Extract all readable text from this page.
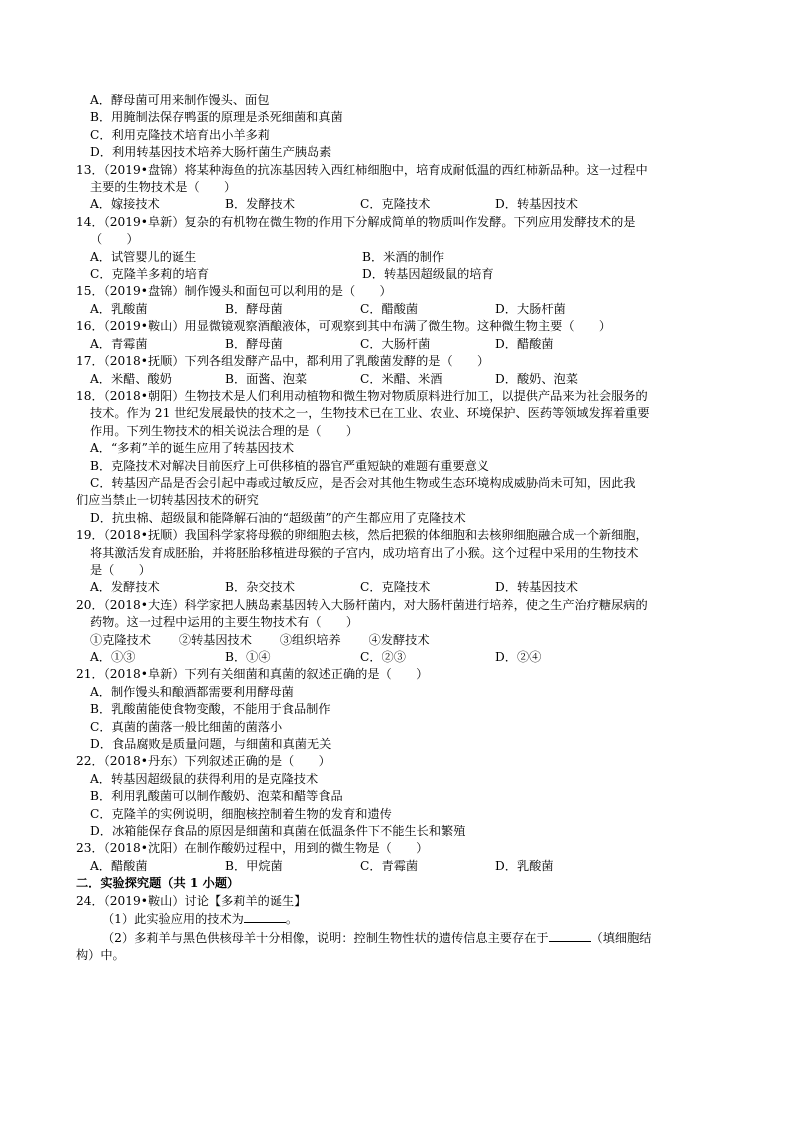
A．酵母菌可用来制作馒头、面包
B．用腌制法保存鸭蛋的原理是杀死细菌和真菌
C．利用克隆技术培育出小羊多莉
D．利用转基因技术培养大肠杆菌生产胰岛素
13．（2019•盘锦）将某种海鱼的抗冻基因转入西红柿细胞中，培育成耐低温的西红柿新品种。这一过程中
主要的生物技术是（　　）
A．嫁接技术	B．发酵技术	C．克隆技术	D．转基因技术
14．（2019•阜新）复杂的有机物在微生物的作用下分解成简单的物质叫作发酵。下列应用发酵技术的是
（　　）
A．试管婴儿的诞生	B．米酒的制作
C．克隆羊多莉的培育	D．转基因超级鼠的培育
15．（2019•盘锦）制作馒头和面包可以利用的是（　　）
A．乳酸菌	B．酵母菌	C．醋酸菌	D．大肠杆菌
16．（2019•鞍山）用显微镜观察酒酿液体，可观察到其中布满了微生物。这种微生物主要（　　）
A．青霉菌	B．酵母菌	C．大肠杆菌	D．醋酸菌
17．（2018•抚顺）下列各组发酵产品中，都利用了乳酸菌发酵的是（　　）
A．米醋、酸奶	B．面酱、泡菜	C．米醋、米酒	D．酸奶、泡菜
18．（2018•朝阳）生物技术是人们利用动植物和微生物对物质原料进行加工，以提供产品来为社会服务的
技术。作为 21 世纪发展最快的技术之一，生物技术已在工业、农业、环境保护、医药等领域发挥着重要
作用。下列生物技术的相关说法合理的是（　　）
A．“多莉”羊的诞生应用了转基因技术
B．克隆技术对解决目前医疗上可供移植的器官严重短缺的难题有重要意义
C．转基因产品是否会引起中毒或过敏反应，是否会对其他生物或生态环境构成威胁尚未可知，因此我
们应当禁止一切转基因技术的研究
D．抗虫棉、超级鼠和能降解石油的“超级菌”的产生都应用了克隆技术
19．（2018•抚顺）我国科学家将母猴的卵细胞去核，然后把猴的体细胞和去核卵细胞融合成一个新细胞，
将其激活发育成胚胎，并将胚胎移植进母猴的子宫内，成功培育出了小猴。这个过程中采用的生物技术
是（　　）
A．发酵技术	B．杂交技术	C．克隆技术	D．转基因技术
20．（2018•大连）科学家把人胰岛素基因转入大肠杆菌内，对大肠杆菌进行培养，使之生产治疗糖尿病的
药物。这一过程中运用的主要生物技术有（　　）
①克隆技术 ②转基因技术 ③组织培养 ④发酵技术
A．①③	B．①④	C．②③	D．②④
21．（2018•阜新）下列有关细菌和真菌的叙述正确的是（　　）
A．制作馒头和酿酒都需要利用酵母菌
B．乳酸菌能使食物变酸，不能用于食品制作
C．真菌的菌落一般比细菌的菌落小
D．食品腐败是质量问题，与细菌和真菌无关
22．（2018•丹东）下列叙述正确的是（　　）
A．转基因超级鼠的获得利用的是克隆技术
B．利用乳酸菌可以制作酸奶、泡菜和醋等食品
C．克隆羊的实例说明，细胞核控制着生物的发育和遗传
D．冰箱能保存食品的原因是细菌和真菌在低温条件下不能生长和繁殖
23．（2018•沈阳）在制作酸奶过程中，用到的微生物是（　　）
A．醋酸菌	B．甲烷菌	C．青霉菌	D．乳酸菌
二．实验探究题（共 1 小题）
24．（2019•鞍山）讨论【多莉羊的诞生】
（1）此实验应用的技术为	。
（2）多莉羊与黑色供核母羊十分相像，说明：控制生物性状的遗传信息主要存在于	（填细胞结
构）中。
